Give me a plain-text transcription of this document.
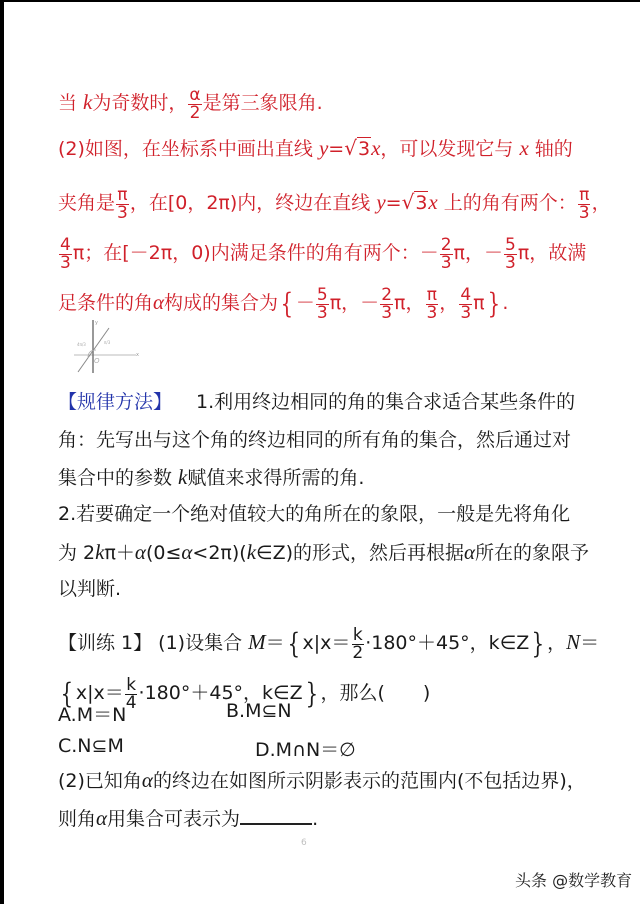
当 k为奇数时， $\frac{\alpha}{2}$ 是第三象限角.
(2)如图，在坐标系中画出直线 y=√3x，可以发现它与 x 轴的
夹角是 $\frac{\pi}{3}$ ，在[0，2π)内，终边在直线 y=√3x 上的角有两个： $\frac{\pi}{3}$ ，
$\frac{4}{3}$ π；在[－2π，0)内满足条件的角有两个：－ $\frac{2}{3}$ π，－ $\frac{5}{3}$ π，故满
足条件的角α构成的集合为{ － $\frac{5}{3}$ π，－ $\frac{2}{3}$ π， $\frac{\pi}{3}$ ， $\frac{4}{3} \pi$} .
y
x
O
4π/3	π/3
【规律方法】 1.利用终边相同的角的集合求适合某些条件的
角：先写出与这个角的终边相同的所有角的集合，然后通过对
集合中的参数 k赋值来求得所需的角.
2.若要确定一个绝对值较大的角所在的象限，一般是先将角化
为 2kπ＋α(0≤α<2π)(k∈Z)的形式，然后再根据α所在的象限予
以判断.
【训练 1】 (1)设集合 M＝{ $x|x= \frac{k}{2} \cdot 180^\circ+45^\circ$，k∈Z} ，N＝
{ $x|x= \frac{k}{4} \cdot 180^\circ+45^\circ$，k∈Z} ，那么(　　)
A.M＝N	B.M⊆N
C.N⊆M	D.M∩N＝∅
(2)已知角α的终边在如图所示阴影表示的范围内(不包括边界)，
则角α用集合可表示为	.
6
头条 @数学教育
